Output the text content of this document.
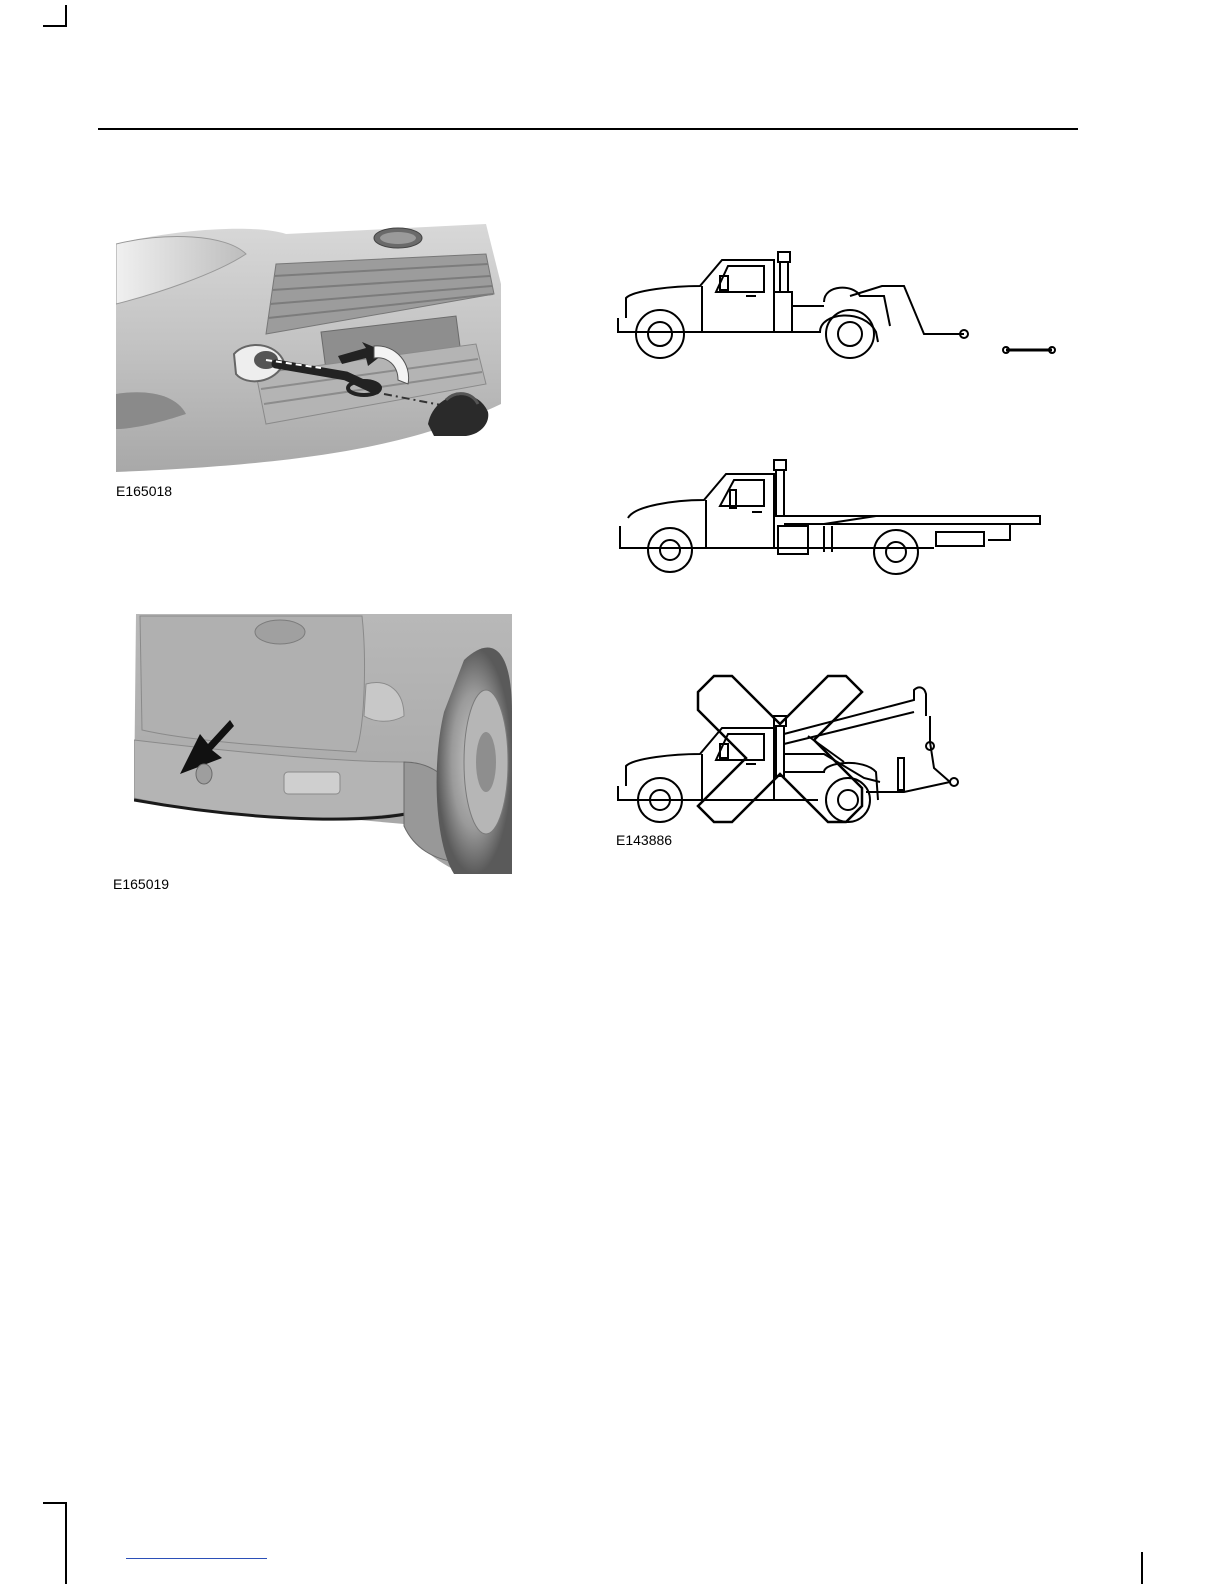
E165018
E165019
E143886
